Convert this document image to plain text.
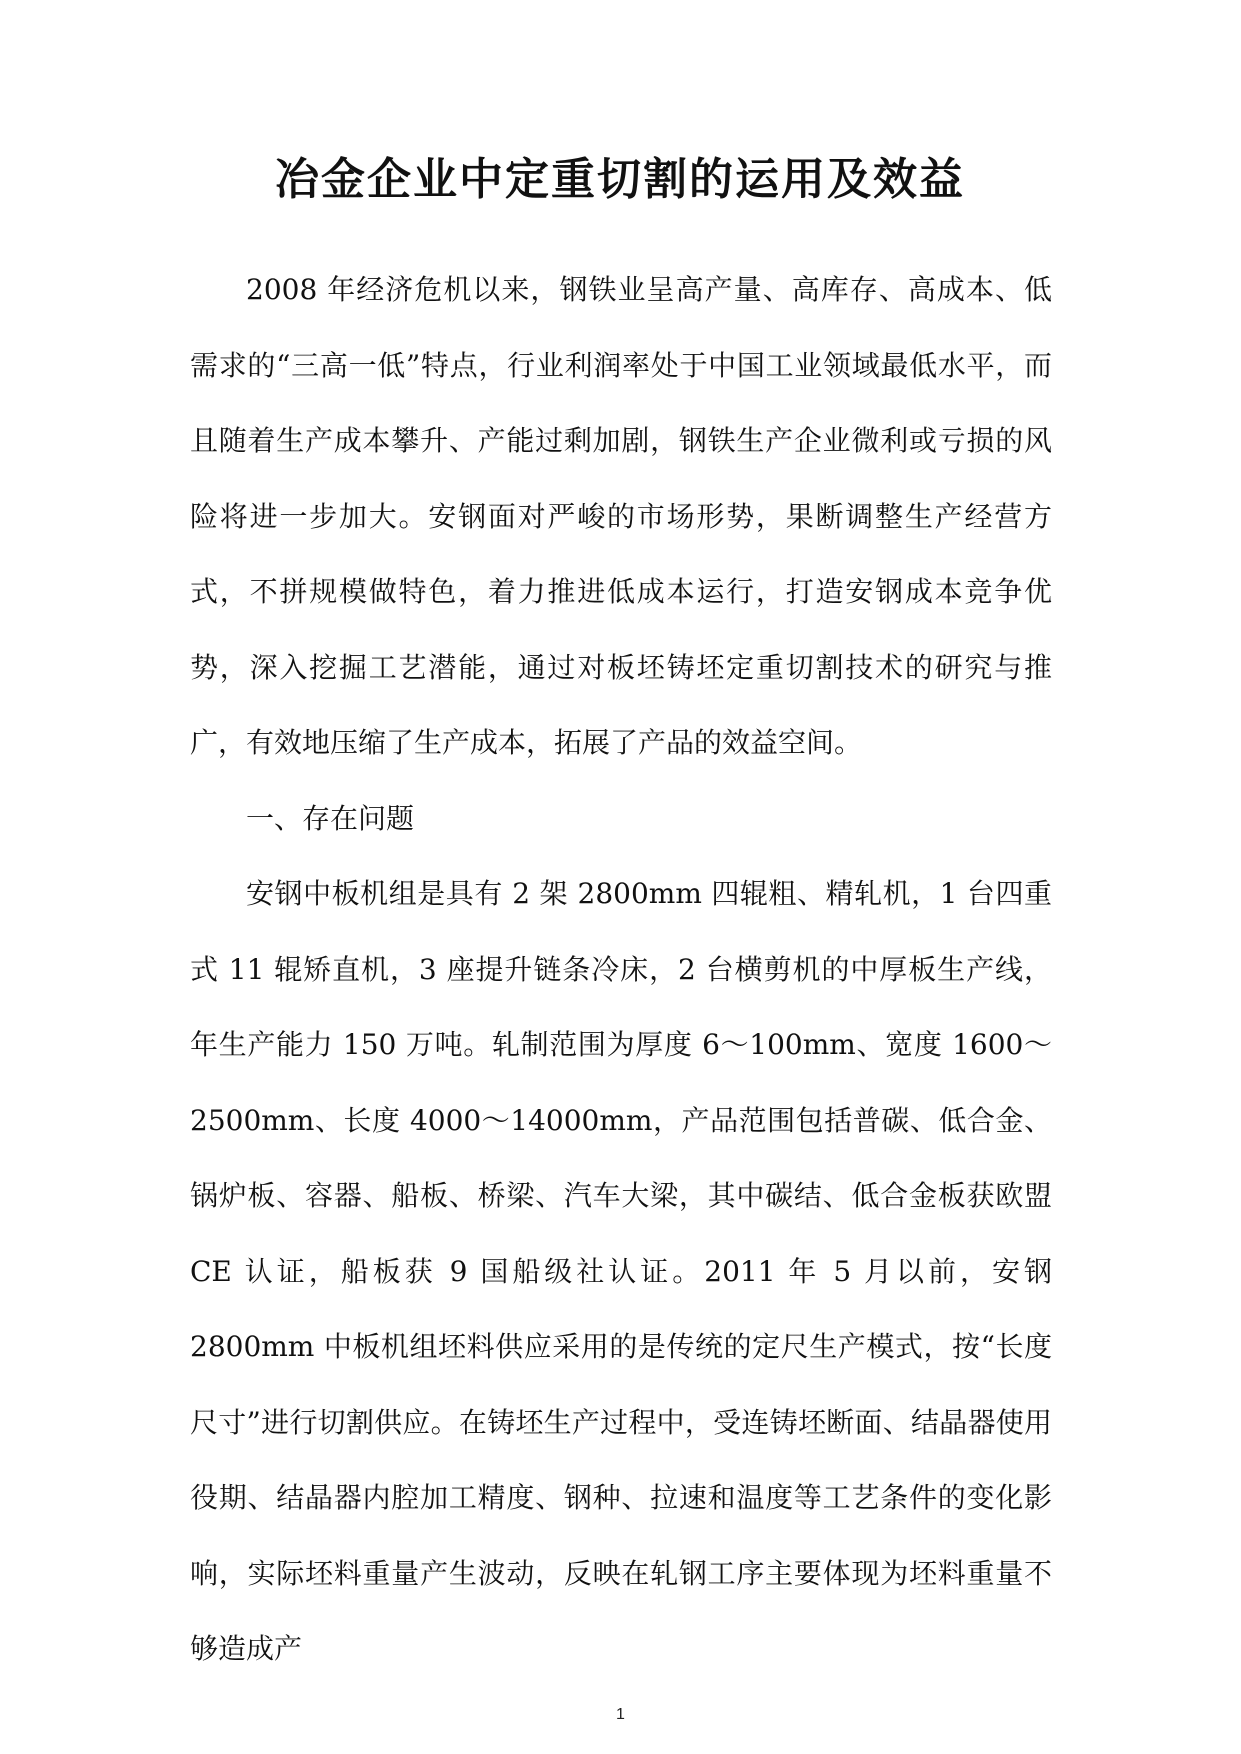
冶金企业中定重切割的运用及效益

2008 年经济危机以来，钢铁业呈高产量、高库存、高成本、低需求的“三高一低”特点，行业利润率处于中国工业领域最低水平，而且随着生产成本攀升、产能过剩加剧，钢铁生产企业微利或亏损的风险将进一步加大。安钢面对严峻的市场形势，果断调整生产经营方式，不拼规模做特色，着力推进低成本运行，打造安钢成本竞争优势，深入挖掘工艺潜能，通过对板坯铸坯定重切割技术的研究与推广，有效地压缩了生产成本，拓展了产品的效益空间。

一、存在问题

安钢中板机组是具有 2 架 2800mm 四辊粗、精轧机，1 台四重式 11 辊矫直机，3 座提升链条冷床，2 台横剪机的中厚板生产线，年生产能力 150 万吨。轧制范围为厚度 6～100mm、宽度 1600～2500mm、长度 4000～14000mm，产品范围包括普碳、低合金、锅炉板、容器、船板、桥梁、汽车大梁，其中碳结、低合金板获欧盟 CE 认证，船板获 9 国船级社认证。2011 年 5 月以前，安钢 2800mm 中板机组坯料供应采用的是传统的定尺生产模式，按“长度尺寸”进行切割供应。在铸坯生产过程中，受连铸坯断面、结晶器使用役期、结晶器内腔加工精度、钢种、拉速和温度等工艺条件的变化影响，实际坯料重量产生波动，反映在轧钢工序主要体现为坯料重量不够造成产

1
